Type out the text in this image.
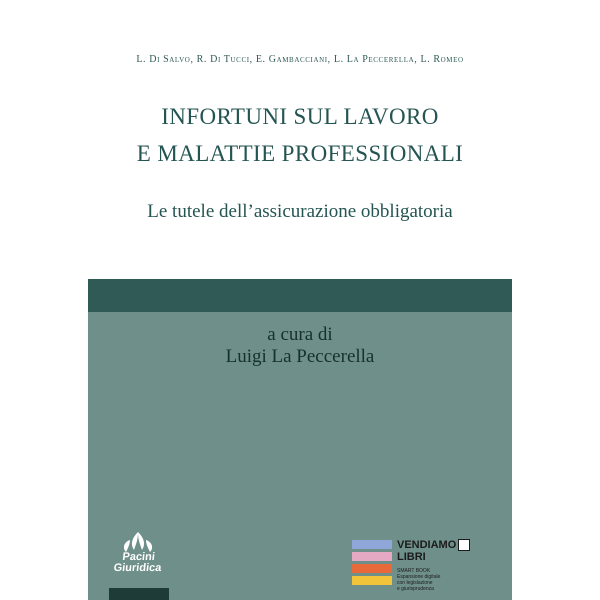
L. Di Salvo, R. Di Tucci, E. Gambacciani, L. La Peccerella, L. Romeo
INFORTUNI SUL LAVORO
E MALATTIE PROFESSIONALI
Le tutele dell’assicurazione obbligatoria
a cura di
Luigi La Peccerella
Pacini
Giuridica
VENDIAMO
LIBRI
SMART BOOK
Espansione digitale
con legislazione
e giurisprudenza
